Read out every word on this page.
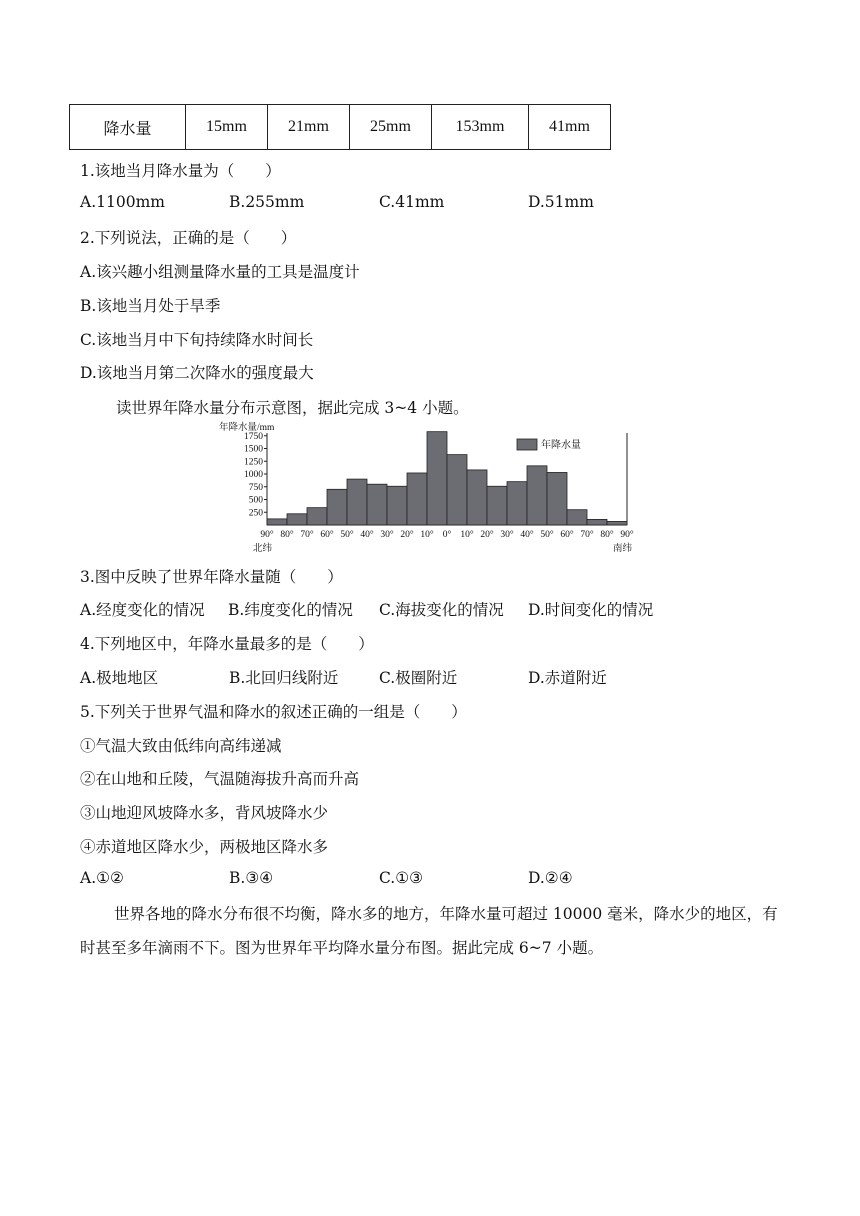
降水量	15mm	21mm	25mm	153mm	41mm
1.该地当月降水量为（　　）
A.1100mm	B.255mm	C.41mm	D.51mm
2.下列说法，正确的是（　　）
A.该兴趣小组测量降水量的工具是温度计
B.该地当月处于旱季
C.该地当月中下旬持续降水时间长
D.该地当月第二次降水的强度最大
读世界年降水量分布示意图，据此完成 3~4 小题。
年降水量/mm
250
500
750
1000
1250
1500
1750
90° 80° 70° 60° 50° 40° 30° 20° 10° 0° 10° 20° 30° 40° 50° 60° 70° 80° 90°
北纬	南纬
年降水量
3.图中反映了世界年降水量随（　　）
A.经度变化的情况 B.纬度变化的情况 C.海拔变化的情况 D.时间变化的情况
4.下列地区中，年降水量最多的是（　　）
A.极地地区	B.北回归线附近	C.极圈附近	D.赤道附近
5.下列关于世界气温和降水的叙述正确的一组是（　　）
①气温大致由低纬向高纬递减
②在山地和丘陵，气温随海拔升高而升高
③山地迎风坡降水多，背风坡降水少
④赤道地区降水少，两极地区降水多
A.①②	B.③④	C.①③	D.②④
世界各地的降水分布很不均衡，降水多的地方，年降水量可超过 10000 毫米，降水少的地区，有时甚至多年滴雨不下。图为世界年平均降水量分布图。据此完成 6~7 小题。
